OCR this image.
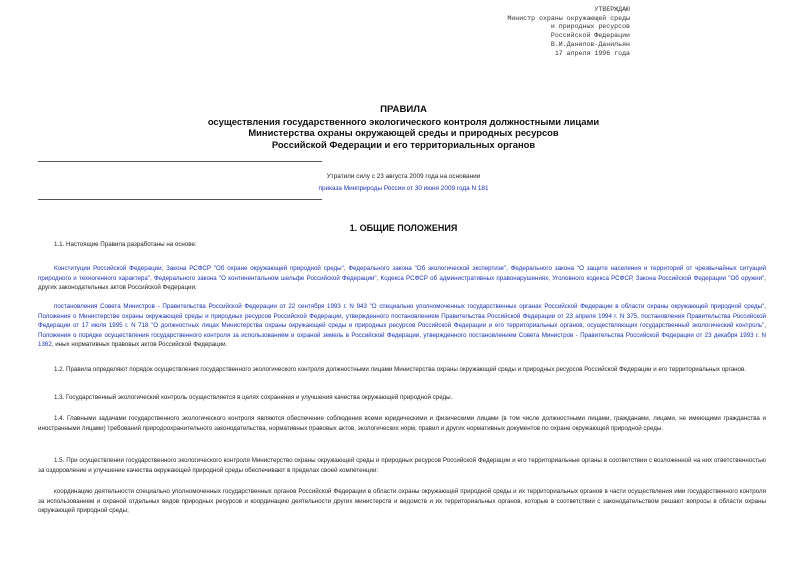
УТВЕРЖДАЮ
Министр охраны окружающей среды
и природных ресурсов
Российской Федерации
В.И.Данилов-Данильян
17 апреля 1996 года
ПРАВИЛА
осуществления государственного экологического контроля должностными лицами
Министерства охраны окружающей среды и природных ресурсов
Российской Федерации и его территориальных органов
Утратили силу с 23 августа 2009 года на основании
приказа Минприроды России от 30 июня 2009 года N 181
1. ОБЩИЕ ПОЛОЖЕНИЯ
1.1. Настоящие Правила разработаны на основе:
Конституции Российской Федерации, Закона РСФСР "Об охране окружающей природной среды", Федерального закона "Об экологической экспертизе", Федерального закона "О защите населения и территорий от чрезвычайных ситуаций природного и техногенного характера", Федерального закона "О континентальном шельфе Российской Федерации", Кодекса РСФСР об административных правонарушениях, Уголовного кодекса РСФСР, Закона Российской Федерации "Об оружии", других законодательных актов Российской Федерации;
постановления Совета Министров - Правительства Российской Федерации от 22 сентября 1993 г. N 943 "О специально уполномоченных государственных органах Российской Федерации в области охраны окружающей природной среды", Положения о Министерстве охраны окружающей среды и природных ресурсов Российской Федерации, утвержденного постановлением Правительства Российской Федерации от 23 апреля 1994 г. N 375, постановления Правительства Российской Федерации от 17 июля 1995 г. N 718 "О должностных лицах Министерства охраны окружающей среды и природных ресурсов Российской Федерации и его территориальных органов, осуществляющих государственный экологический контроль", Положения о порядке осуществления государственного контроля за использованием и охраной земель в Российской Федерации, утвержденного постановлением Совета Министров - Правительства Российской Федерации от 23 декабря 1993 г. N 1362, иных нормативных правовых актов Российской Федерации.
1.2. Правила определяют порядок осуществления государственного экологического контроля должностными лицами Министерства охраны окружающей среды и природных ресурсов Российской Федерации и его территориальных органов.
1.3. Государственный экологический контроль осуществляется в целях сохранения и улучшения качества окружающей природной среды.
1.4. Главными задачами государственного экологического контроля являются обеспечение соблюдения всеми юридическими и физическими лицами (в том числе должностными лицами, гражданами, лицами, не имеющими гражданства и иностранными лицами) требований природоохранительного законодательства, нормативных правовых актов, экологических норм, правил и других нормативных документов по охране окружающей природной среды.
1.5. При осуществлении государственного экологического контроля Министерство охраны окружающей среды и природных ресурсов Российской Федерации и его территориальные органы в соответствии с возложенной на них ответственностью за оздоровление и улучшение качества окружающей природной среды обеспечивают в пределах своей компетенции:
координацию деятельности специально уполномоченных государственных органов Российской Федерации в области охраны окружающей природной среды и их территориальных органов в части осуществления ими государственного контроля за использованием и охраной отдельных видов природных ресурсов и координацию деятельности других министерств и ведомств и их территориальных органов, которые в соответствии с законодательством решают вопросы в области охраны окружающей природной среды;
